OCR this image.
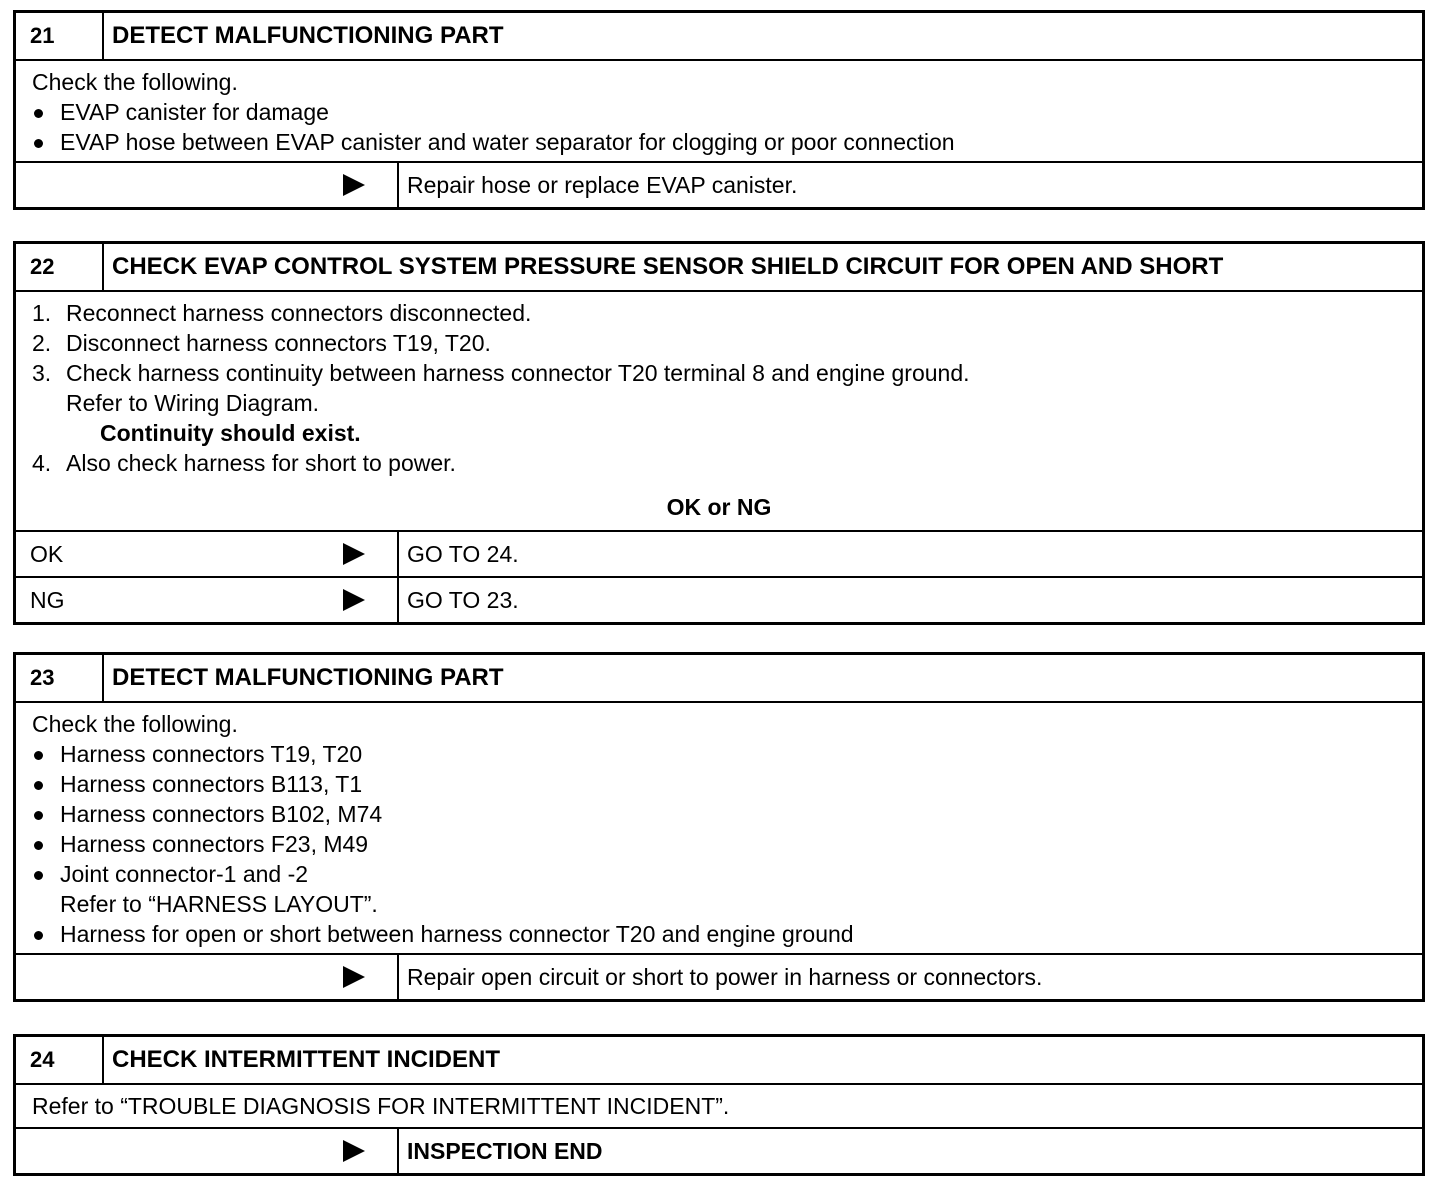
21	DETECT MALFUNCTIONING PART
Check the following.
EVAP canister for damage
EVAP hose between EVAP canister and water separator for clogging or poor connection
Repair hose or replace EVAP canister.
22	CHECK EVAP CONTROL SYSTEM PRESSURE SENSOR SHIELD CIRCUIT FOR OPEN AND SHORT
1. Reconnect harness connectors disconnected.
2. Disconnect harness connectors T19, T20.
3. Check harness continuity between harness connector T20 terminal 8 and engine ground.
Refer to Wiring Diagram.
Continuity should exist.
4. Also check harness for short to power.
OK or NG
OK	GO TO 24.
NG	GO TO 23.
23	DETECT MALFUNCTIONING PART
Check the following.
Harness connectors T19, T20
Harness connectors B113, T1
Harness connectors B102, M74
Harness connectors F23, M49
Joint connector-1 and -2
Refer to “HARNESS LAYOUT”.
Harness for open or short between harness connector T20 and engine ground
Repair open circuit or short to power in harness or connectors.
24	CHECK INTERMITTENT INCIDENT
Refer to “TROUBLE DIAGNOSIS FOR INTERMITTENT INCIDENT”.
INSPECTION END
